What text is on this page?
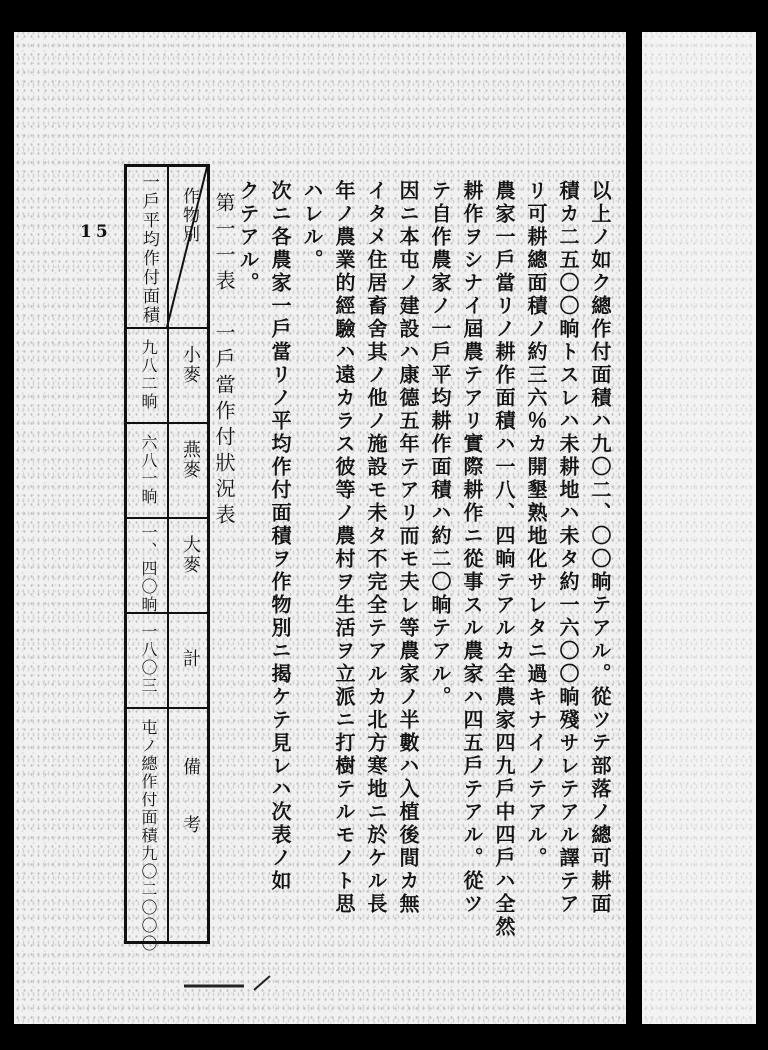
15	作物別
一戶平均作付面積
小麥
九八二晌
燕麥
六八一晌
大麥
一、四〇晌
計
一八〇三
備考
屯ノ總作付面積九〇二〇〇〇
第一一表　一戶當作付狀況表	以上ノ如ク總作付面積ハ九〇二、〇〇晌テアル。從ツテ部落ノ總可耕面
積カ二五〇〇晌トスレハ未耕地ハ未タ約一六〇〇晌殘サレテアル譯テア
リ可耕總面積ノ約三六％カ開墾熟地化サレタニ過キナイノテアル。
農家一戶當リノ耕作面積ハ一八、四晌テアルカ全農家四九戶中四戶ハ全然
耕作ヲシナイ屆農テアリ實際耕作ニ從事スル農家ハ四五戶テアル。從ツ
テ自作農家ノ一戶平均耕作面積ハ約二〇晌テアル。
因ニ本屯ノ建設ハ康德五年テアリ而モ夫レ等農家ノ半數ハ入植後間カ無
イタメ住居畜舍其ノ他ノ施設モ未タ不完全テアルカ北方寒地ニ於ケル長
年ノ農業的經驗ハ遠カラス彼等ノ農村ヲ生活ヲ立派ニ打樹テルモノト思
ハレル。
次ニ各農家一戶當リノ平均作付面積ヲ作物別ニ揭ケテ見レハ次表ノ如
クテアル。
